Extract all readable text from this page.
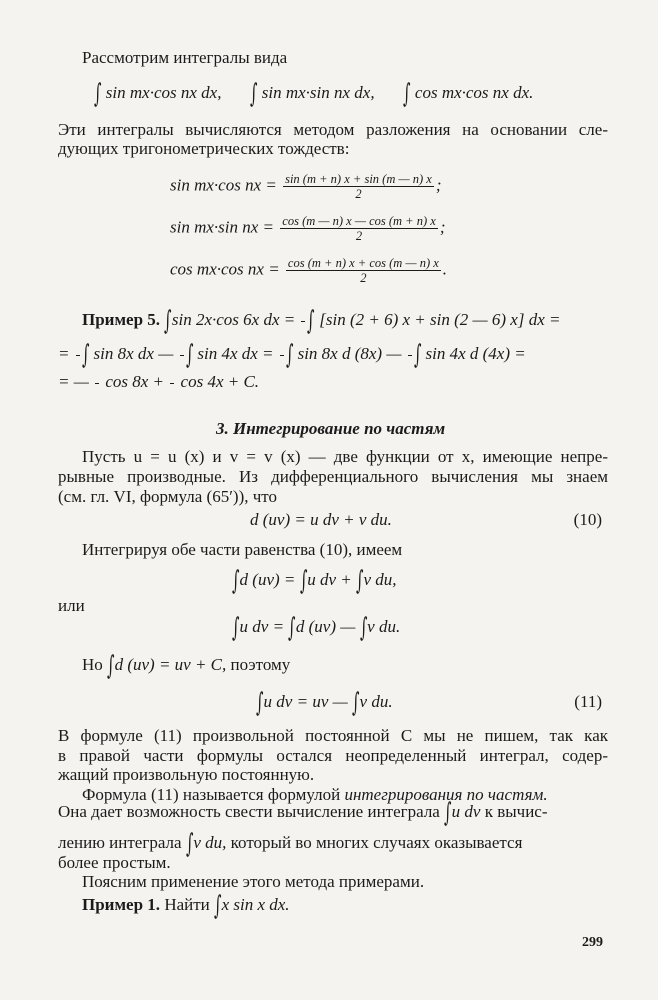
Рассмотрим интегралы вида
∫ sin mx·cos nx dx, ∫ sin mx·sin nx dx, ∫ cos mx·cos nx dx.
Эти интегралы вычисляются методом разложения на основании сле-
дующих тригонометрических тождеств:
sin mx·cos nx = $\frac{\sin (m + n) x + \sin (m — n) x}{2}$ ;
sin mx·sin nx = $\frac{\cos (m — n) x — \cos (m + n) x}{2}$ ;
cos mx·cos nx = $\frac{\cos (m + n) x + \cos (m — n) x}{2}$ .
Пример 5. ∫sin 2x·cos 6x dx = ∫ [sin (2 + 6) x + sin (2 — 6) x] dx =
= ∫ sin 8x dx — ∫ sin 4x dx = ∫ sin 8x d (8x) — ∫ sin 4x d (4x) =
= — cos 8x + cos 4x + C.
3. Интегрирование по частям
Пусть u = u (x) и v = v (x) — две функции от x, имеющие непре-
рывные производные. Из дифференциального вычисления мы знаем
(см. гл. VI, формула (65′)), что
d (uv) = u dv + v du.	(10)
Интегрируя обе части равенства (10), имеем
∫d (uv) = ∫u dv + ∫v du,
или
∫u dv = ∫d (uv) — ∫v du.
Но ∫d (uv) = uv + C, поэтому
∫u dv = uv — ∫v du.	(11)
В формуле (11) произвольной постоянной C мы не пишем, так как
в правой части формулы остался неопределенный интеграл, содер-
жащий произвольную постоянную.
Формула (11) называется формулой интегрирования по частям.
Она дает возможность свести вычисление интеграла ∫u dv к вычис-
лению интеграла ∫v du, который во многих случаях оказывается
более простым.
Поясним применение этого метода примерами.
Пример 1. Найти ∫x sin x dx.
299
